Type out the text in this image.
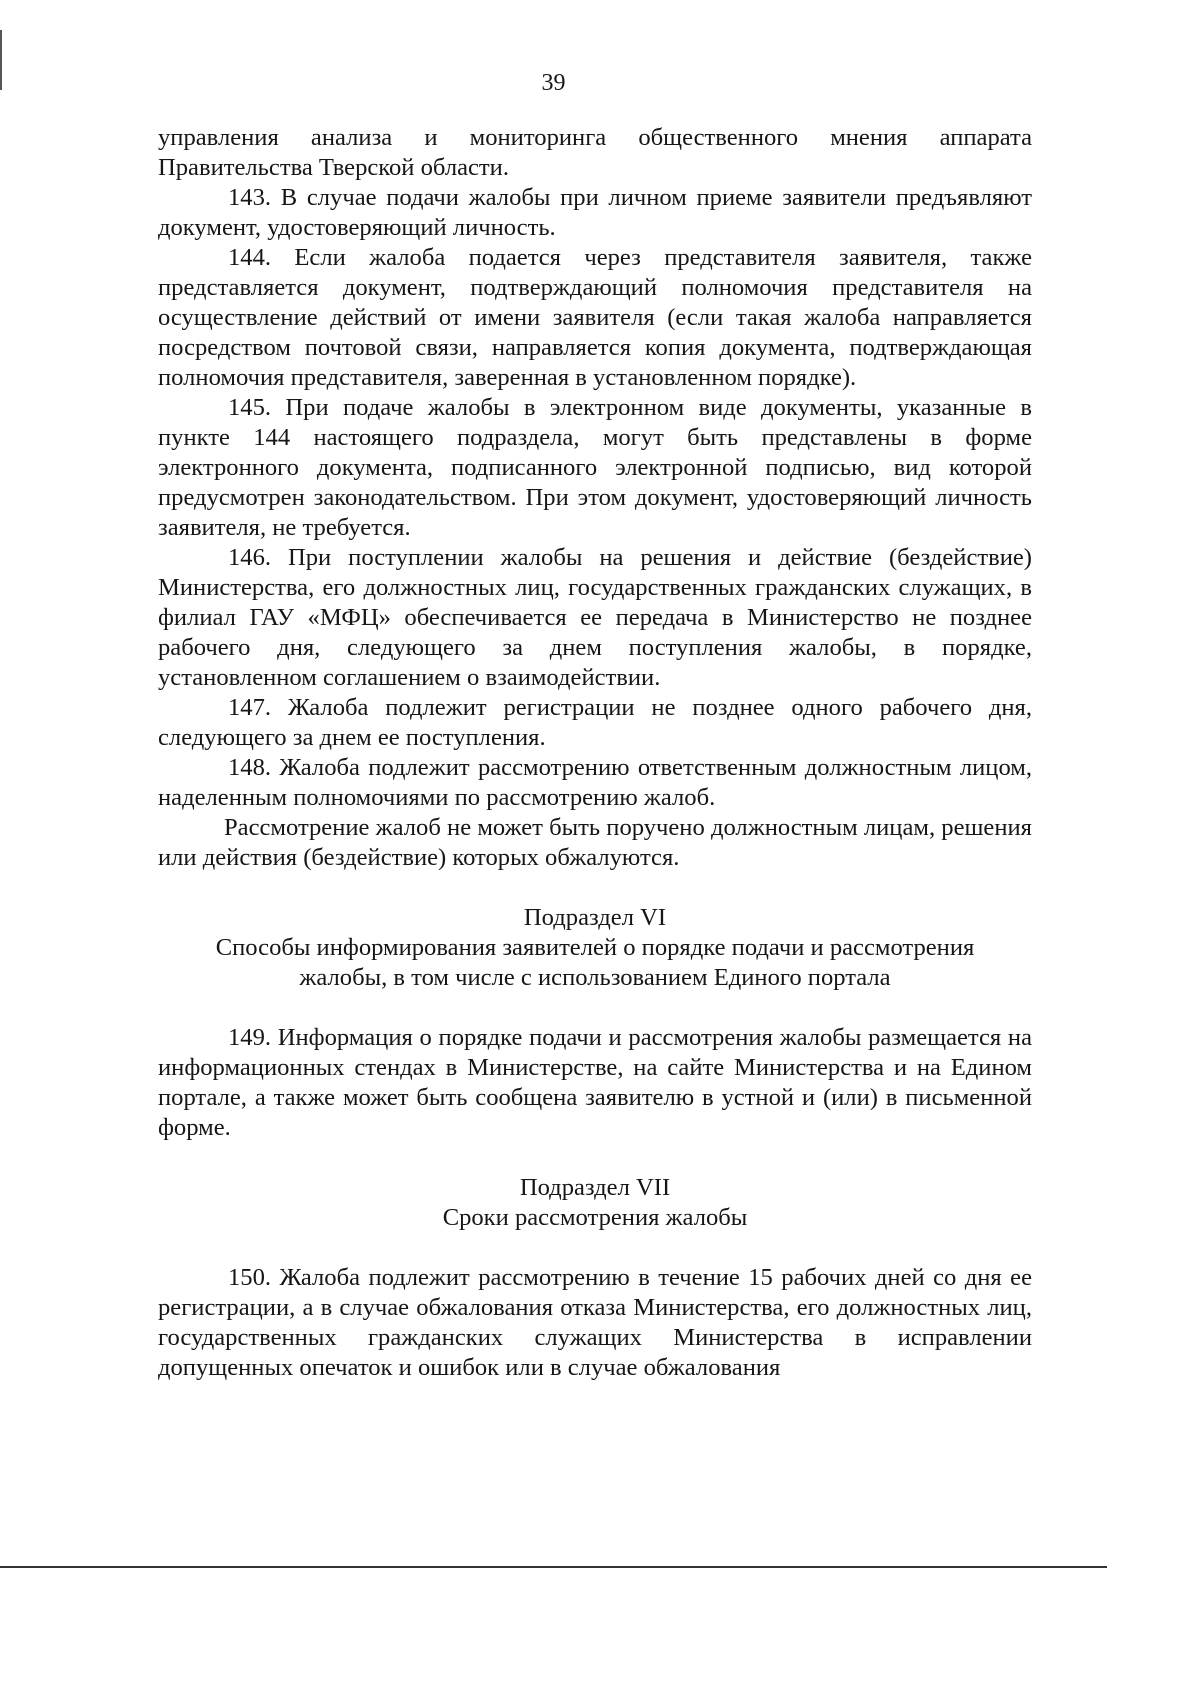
39

управления анализа и мониторинга общественного мнения аппарата Правительства Тверской области.

143. В случае подачи жалобы при личном приеме заявители предъявляют документ, удостоверяющий личность.

144. Если жалоба подается через представителя заявителя, также представляется документ, подтверждающий полномочия представителя на осуществление действий от имени заявителя (если такая жалоба направляется посредством почтовой связи, направляется копия документа, подтверждающая полномочия представителя, заверенная в установленном порядке).

145. При подаче жалобы в электронном виде документы, указанные в пункте 144 настоящего подраздела, могут быть представлены в форме электронного документа, подписанного электронной подписью, вид которой предусмотрен законодательством. При этом документ, удостоверяющий личность заявителя, не требуется.

146. При поступлении жалобы на решения и действие (бездействие) Министерства, его должностных лиц, государственных гражданских служащих, в филиал ГАУ «МФЦ» обеспечивается ее передача в Министерство не позднее рабочего дня, следующего за днем поступления жалобы, в порядке, установленном соглашением о взаимодействии.

147. Жалоба подлежит регистрации не позднее одного рабочего дня, следующего за днем ее поступления.

148. Жалоба подлежит рассмотрению ответственным должностным лицом, наделенным полномочиями по рассмотрению жалоб.

Рассмотрение жалоб не может быть поручено должностным лицам, решения или действия (бездействие) которых обжалуются.

Подраздел VI

Способы информирования заявителей о порядке подачи и рассмотрения

жалобы, в том числе с использованием Единого портала

149. Информация о порядке подачи и рассмотрения жалобы размещается на информационных стендах в Министерстве, на сайте Министерства и на Едином портале, а также может быть сообщена заявителю в устной и (или) в письменной форме.

Подраздел VII

Сроки рассмотрения жалобы

150. Жалоба подлежит рассмотрению в течение 15 рабочих дней со дня ее регистрации, а в случае обжалования отказа Министерства, его должностных лиц, государственных гражданских служащих Министерства в исправлении допущенных опечаток и ошибок или в случае обжалования
